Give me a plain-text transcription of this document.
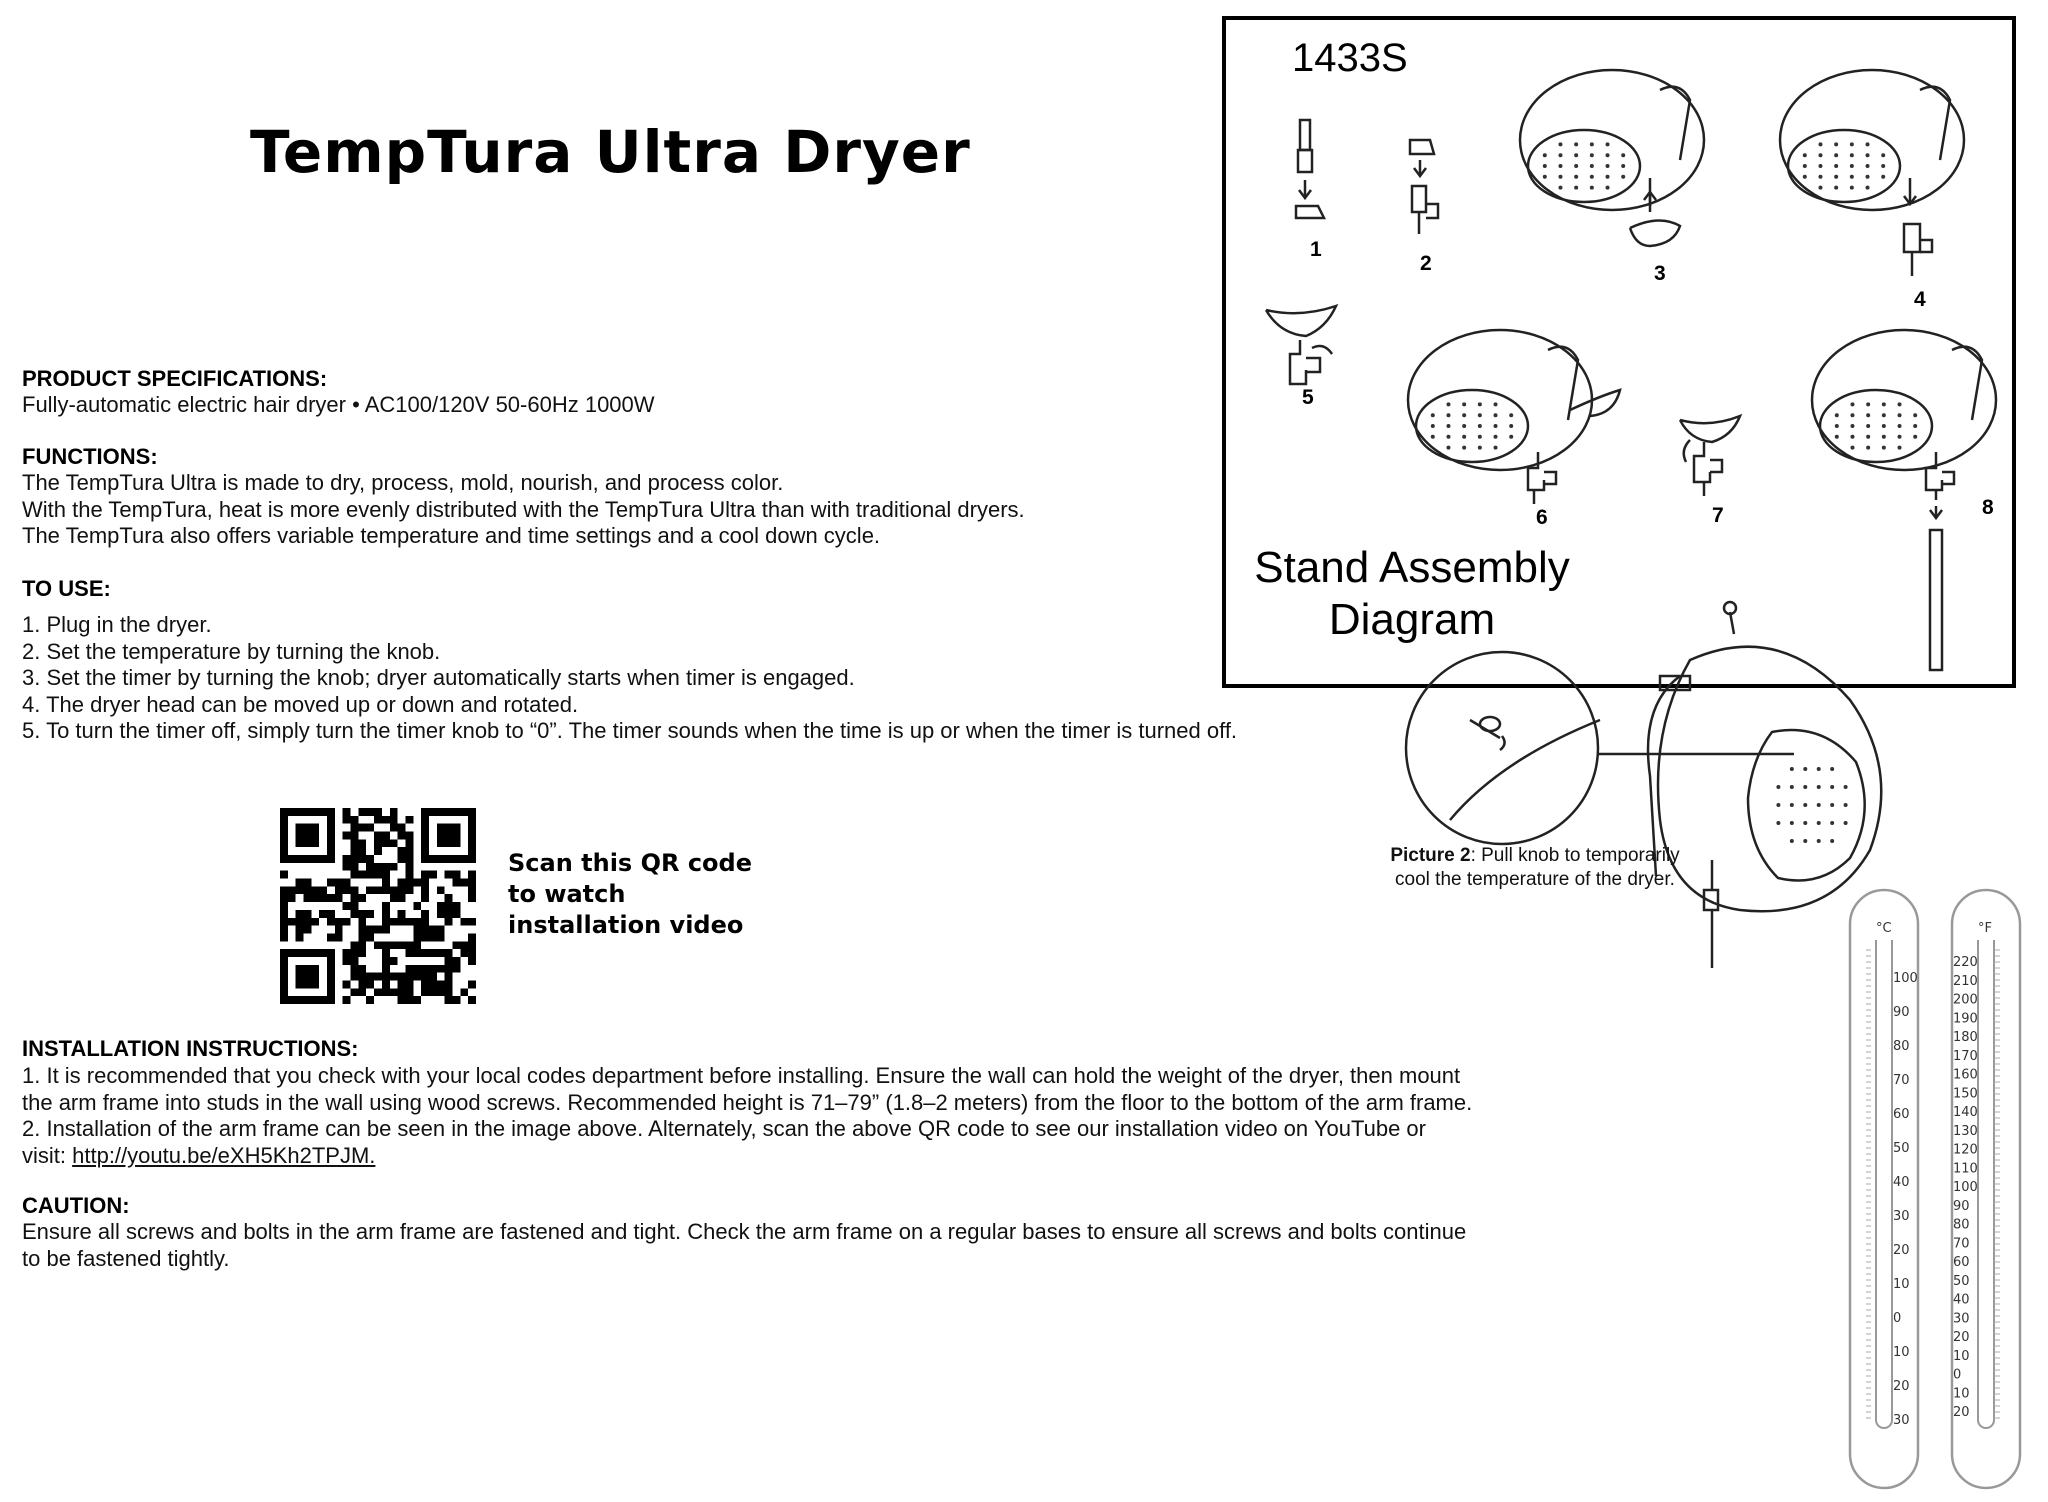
TempTura Ultra Dryer
PRODUCT SPECIFICATIONS:
Fully-automatic electric hair dryer • AC100/120V 50-60Hz 1000W
FUNCTIONS:

The TempTura Ultra is made to dry, process, mold, nourish, and process color.

With the TempTura, heat is more evenly distributed with the TempTura Ultra than with traditional dryers.

The TempTura also offers variable temperature and time settings and a cool down cycle.

TO USE:

1. Plug in the dryer.

2. Set the temperature by turning the knob.

3. Set the timer by turning the knob; dryer automatically starts when timer is engaged.

4. The dryer head can be moved up or down and rotated.

5. To turn the timer off, simply turn the timer knob to “0”. The timer sounds when the time is up or when the timer is turned off.

Scan this QR code
to watch
installation video
INSTALLATION INSTRUCTIONS:

1. It is recommended that you check with your local codes department before installing. Ensure the wall can hold the weight of the dryer, then mount

the arm frame into studs in the wall using wood screws. Recommended height is 71–79” (1.8–2 meters) from the floor to the bottom of the arm frame.

2. Installation of the arm frame can be seen in the image above. Alternately, scan the above QR code to see our installation video on YouTube or

visit: http://youtu.be/eXH5Kh2TPJM.

CAUTION:

Ensure all screws and bolts in the arm frame are fastened and tight. Check the arm frame on a regular bases to ensure all screws and bolts continue

to be fastened tightly.

1433S
1
2	3
4
5
6	7	8
Stand Assembly
Diagram
Picture 2: Pull knob to temporarily
cool the temperature of the dryer.
°C	°F
100
90
80
70
60
50
40
30
20
10
0
10
20
30
220
210
200
190
180
170
160
150
140
130
120
110
100
90
80
70
60
50
40
30
20
10
0
10
20
